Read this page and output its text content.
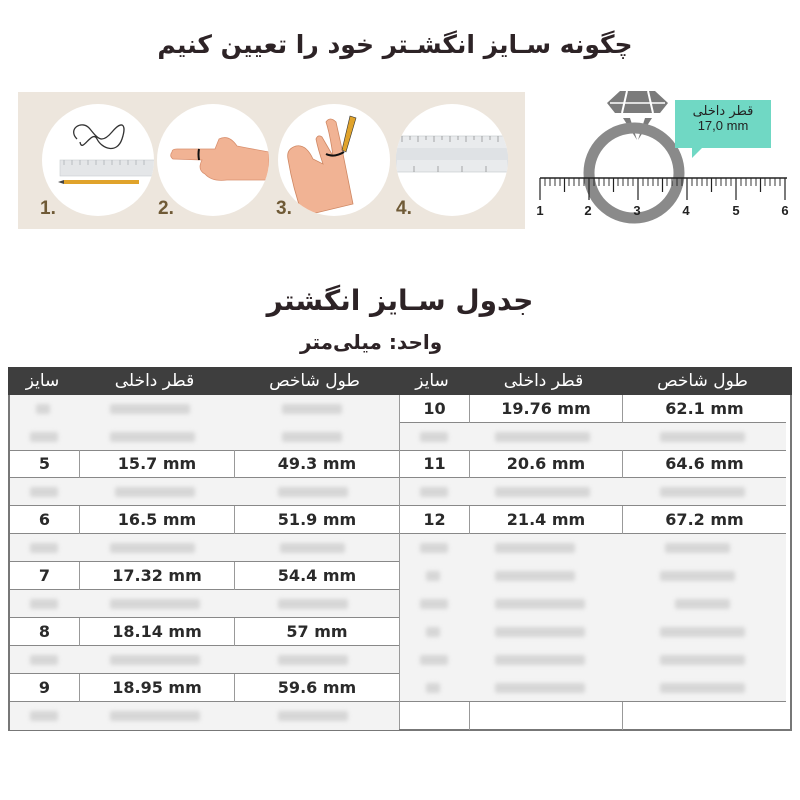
چگونه سـایز انگشـتر خود را تعیین کنیم
1.	2.	3.	4.	1	2	3	4	5	6
قطر داخلی
17,0 mm
جدول سـایز انگشتر
واحد: میلی‌متر
سایز	قطر داخلی	طول شاخص	سایز	قطر داخلی	طول شاخص
5	15.7 mm	49.3 mm
6	16.5 mm	51.9 mm
7	17.32 mm	54.4 mm
8	18.14 mm	57 mm
9	18.95 mm	59.6 mm
10	19.76 mm	62.1 mm
11	20.6 mm	64.6 mm
12	21.4 mm	67.2 mm
